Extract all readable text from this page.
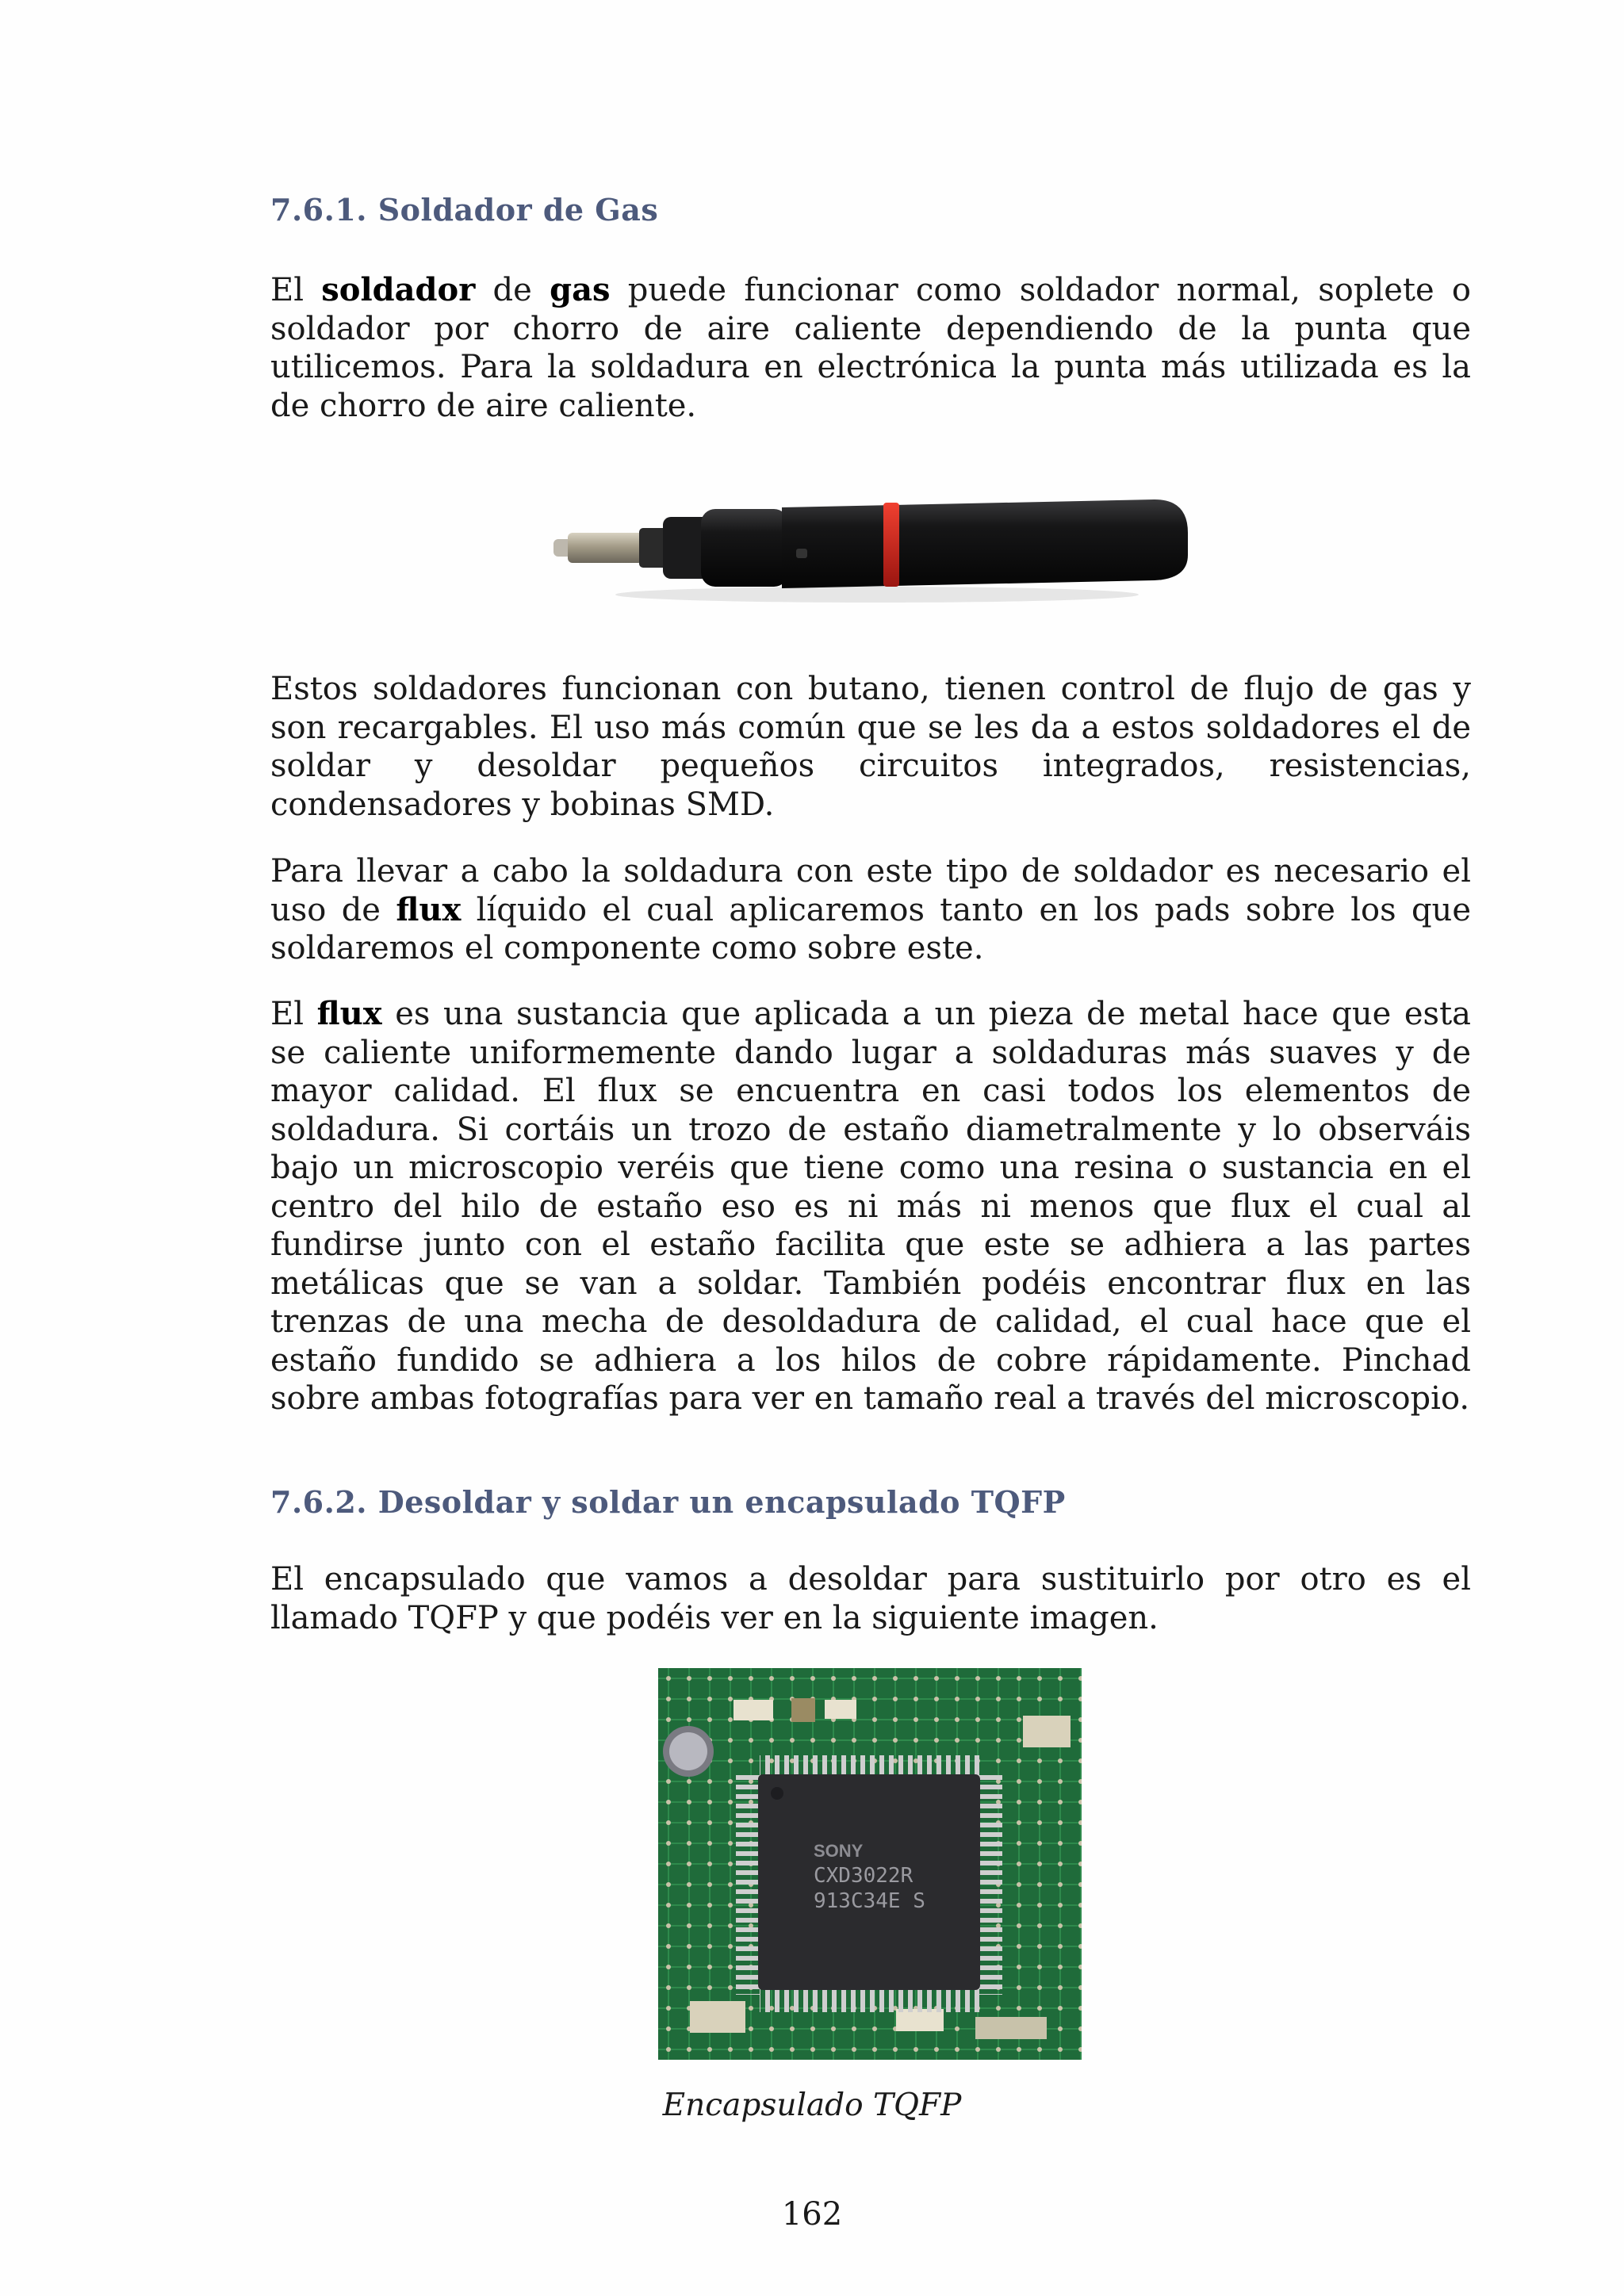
7.6.1. Soldador de Gas

El soldador de gas puede funcionar como soldador normal, soplete o soldador por chorro de aire caliente dependiendo de la punta que utilicemos. Para la soldadura en electrónica la punta más utilizada es la de chorro de aire caliente.

Estos soldadores funcionan con butano, tienen control de flujo de gas y son recargables. El uso más común que se les da a estos soldadores el de soldar y desoldar pequeños circuitos integrados, resistencias, condensadores y bobinas SMD.

Para llevar a cabo la soldadura con este tipo de soldador es necesario el uso de flux líquido el cual aplicaremos tanto en los pads sobre los que soldaremos el componente como sobre este.

El flux es una sustancia que aplicada a un pieza de metal hace que esta se caliente uniformemente dando lugar a soldaduras más suaves y de mayor calidad. El flux se encuentra en casi todos los elementos de soldadura. Si cortáis un trozo de estaño diametralmente y lo observáis bajo un microscopio veréis que tiene como una resina o sustancia en el centro del hilo de estaño eso es ni más ni menos que flux el cual al fundirse junto con el estaño facilita que este se adhiera a las partes metálicas que se van a soldar. También podéis encontrar flux en las trenzas de una mecha de desoldadura de calidad, el cual hace que el estaño fundido se adhiera a los hilos de cobre rápidamente. Pinchad sobre ambas fotografías para ver en tamaño real a través del microscopio.

7.6.2. Desoldar y soldar un encapsulado TQFP

El encapsulado que vamos a desoldar para sustituirlo por otro es el llamado TQFP y que podéis ver en la siguiente imagen.

SONY
CXD3022R
913C34E S
Encapsulado TQFP
162
